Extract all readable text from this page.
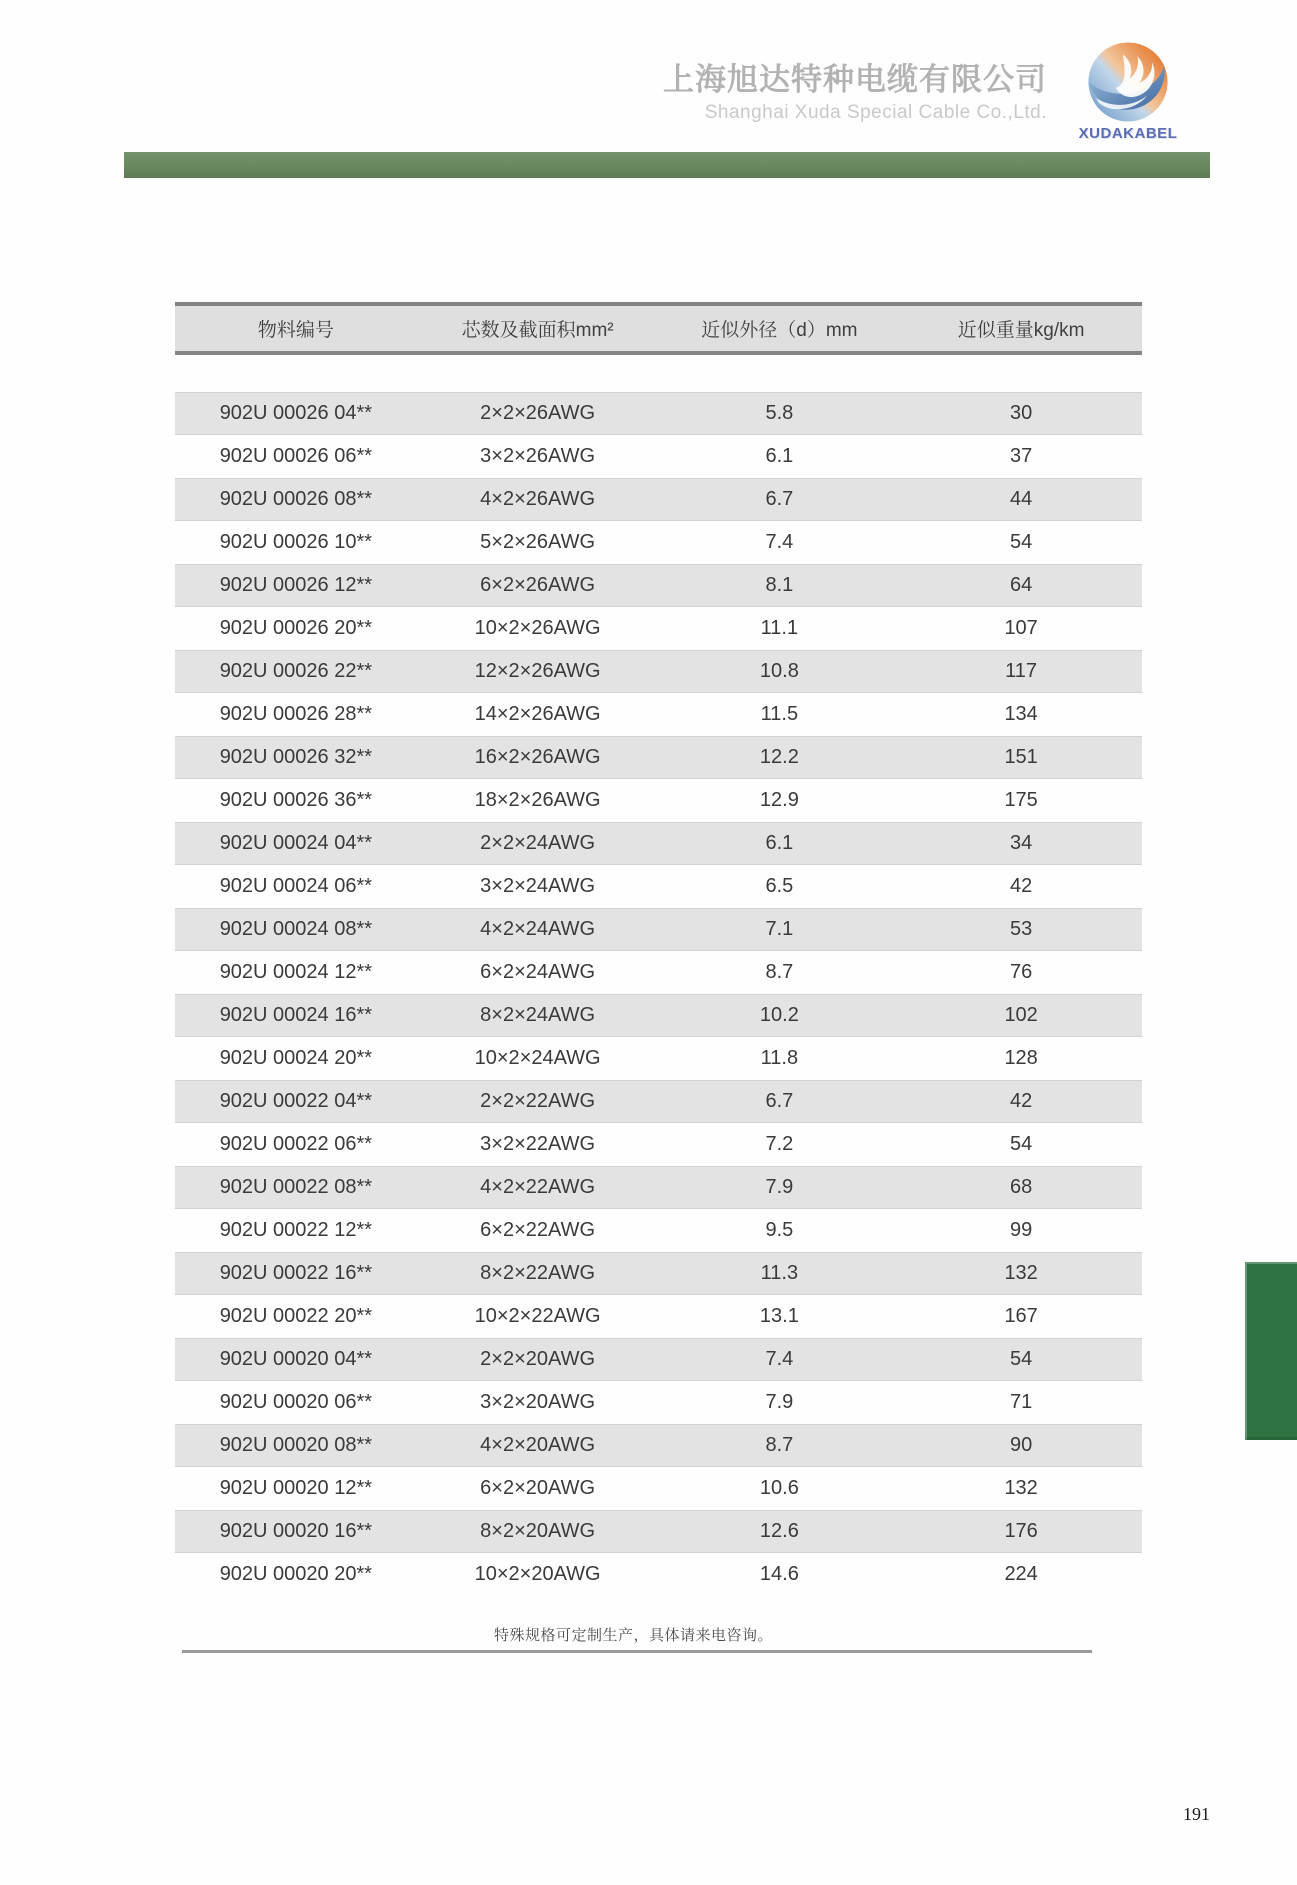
上海旭达特种电缆有限公司
Shanghai Xuda Special Cable Co.,Ltd.
XUDAKABEL
物料编号	芯数及截面积mm²	近似外径（d）mm	近似重量kg/km
902U 00026 04**	2×2×26AWG	5.8	30
902U 00026 06**	3×2×26AWG	6.1	37
902U 00026 08**	4×2×26AWG	6.7	44
902U 00026 10**	5×2×26AWG	7.4	54
902U 00026 12**	6×2×26AWG	8.1	64
902U 00026 20**	10×2×26AWG	11.1	107
902U 00026 22**	12×2×26AWG	10.8	117
902U 00026 28**	14×2×26AWG	11.5	134
902U 00026 32**	16×2×26AWG	12.2	151
902U 00026 36**	18×2×26AWG	12.9	175
902U 00024 04**	2×2×24AWG	6.1	34
902U 00024 06**	3×2×24AWG	6.5	42
902U 00024 08**	4×2×24AWG	7.1	53
902U 00024 12**	6×2×24AWG	8.7	76
902U 00024 16**	8×2×24AWG	10.2	102
902U 00024 20**	10×2×24AWG	11.8	128
902U 00022 04**	2×2×22AWG	6.7	42
902U 00022 06**	3×2×22AWG	7.2	54
902U 00022 08**	4×2×22AWG	7.9	68
902U 00022 12**	6×2×22AWG	9.5	99
902U 00022 16**	8×2×22AWG	11.3	132
902U 00022 20**	10×2×22AWG	13.1	167
902U 00020 04**	2×2×20AWG	7.4	54
902U 00020 06**	3×2×20AWG	7.9	71
902U 00020 08**	4×2×20AWG	8.7	90
902U 00020 12**	6×2×20AWG	10.6	132
902U 00020 16**	8×2×20AWG	12.6	176
902U 00020 20**	10×2×20AWG	14.6	224
特殊规格可定制生产，具体请来电咨询。
191
